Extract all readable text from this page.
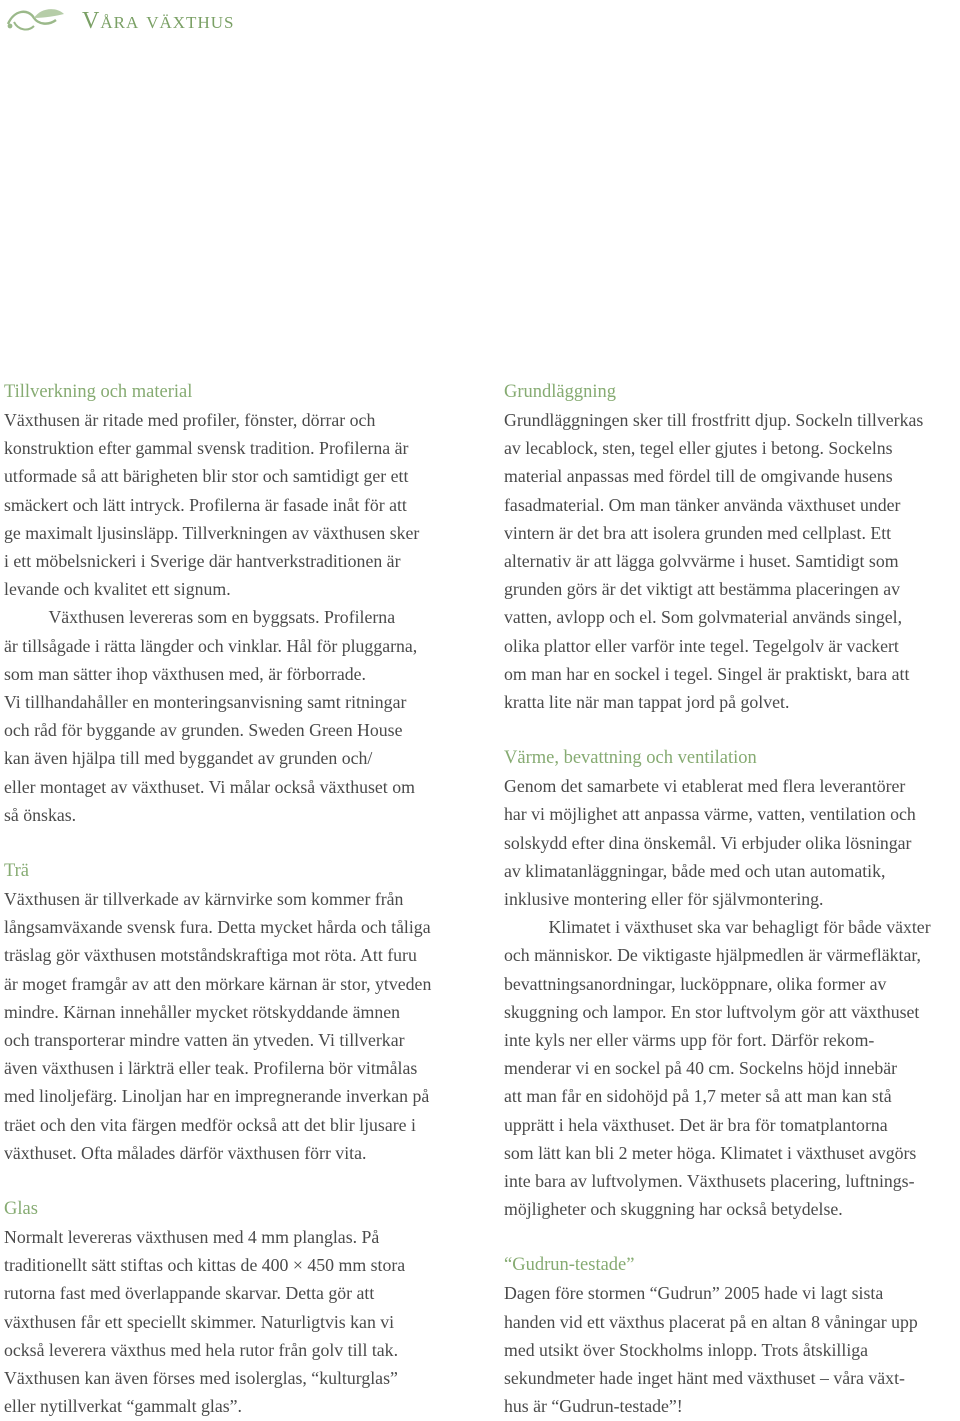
Våra växthus
Tillverkning och material
Växthusen är ritade med profiler, fönster, dörrar och
konstruktion efter gammal svensk tradition. Profilerna är
utformade så att bärigheten blir stor och samtidigt ger ett
smäckert och lätt intryck. Profilerna är fasade inåt för att
ge maximalt ljusinsläpp. Tillverkningen av växthusen sker
i ett möbelsnickeri i Sverige där hantverkstraditionen är
levande och kvalitet ett signum.
Växthusen levereras som en byggsats. Profilerna
är tillsågade i rätta längder och vinklar. Hål för pluggarna,
som man sätter ihop växthusen med, är förborrade.
Vi tillhandahåller en monteringsanvisning samt ritningar
och råd för byggande av grunden. Sweden Green House
kan även hjälpa till med byggandet av grunden och/
eller montaget av växthuset. Vi målar också växthuset om
så önskas.
Trä
Växthusen är tillverkade av kärnvirke som kommer från
långsamväxande svensk fura. Detta mycket hårda och tåliga
träslag gör växthusen motståndskraftiga mot röta. Att furu
är moget framgår av att den mörkare kärnan är stor, ytveden
mindre. Kärnan innehåller mycket rötskyddande ämnen
och transporterar mindre vatten än ytveden. Vi tillverkar
även växthusen i lärkträ eller teak. Profilerna bör vitmålas
med linoljefärg. Linoljan har en impregnerande inverkan på
träet och den vita färgen medför också att det blir ljusare i
växthuset. Ofta målades därför växthusen förr vita.
Glas
Normalt levereras växthusen med 4 mm planglas. På
traditionellt sätt stiftas och kittas de 400 × 450 mm stora
rutorna fast med överlappande skarvar. Detta gör att
växthusen får ett speciellt skimmer. Naturligtvis kan vi
också leverera växthus med hela rutor från golv till tak.
Växthusen kan även förses med isolerglas, “kulturglas”
eller nytillverkat “gammalt glas”.
Grundläggning
Grundläggningen sker till frostfritt djup. Sockeln tillverkas
av lecablock, sten, tegel eller gjutes i betong. Sockelns
material anpassas med fördel till de omgivande husens
fasadmaterial. Om man tänker använda växthuset under
vintern är det bra att isolera grunden med cellplast. Ett
alternativ är att lägga golvvärme i huset. Samtidigt som
grunden görs är det viktigt att bestämma placeringen av
vatten, avlopp och el. Som golvmaterial används singel,
olika plattor eller varför inte tegel. Tegelgolv är vackert
om man har en sockel i tegel. Singel är praktiskt, bara att
kratta lite när man tappat jord på golvet.
Värme, bevattning och ventilation
Genom det samarbete vi etablerat med flera leverantörer
har vi möjlighet att anpassa värme, vatten, ventilation och
solskydd efter dina önskemål. Vi erbjuder olika lösningar
av klimatanläggningar, både med och utan automatik,
inklusive montering eller för självmontering.
Klimatet i växthuset ska var behagligt för både växter
och människor. De viktigaste hjälpmedlen är värmefläktar,
bevattningsanordningar, lucköppnare, olika former av
skuggning och lampor. En stor luftvolym gör att växthuset
inte kyls ner eller värms upp för fort. Därför rekom-
menderar vi en sockel på 40 cm. Sockelns höjd innebär
att man får en sidohöjd på 1,7 meter så att man kan stå
upprätt i hela växthuset. Det är bra för tomatplantorna
som lätt kan bli 2 meter höga. Klimatet i växthuset avgörs
inte bara av luftvolymen. Växthusets placering, luftnings-
möjligheter och skuggning har också betydelse.
“Gudrun-testade”
Dagen före stormen “Gudrun” 2005 hade vi lagt sista
handen vid ett växthus placerat på en altan 8 våningar upp
med utsikt över Stockholms inlopp. Trots åtskilliga
sekundmeter hade inget hänt med växthuset – våra växt-
hus är “Gudrun-testade”!
